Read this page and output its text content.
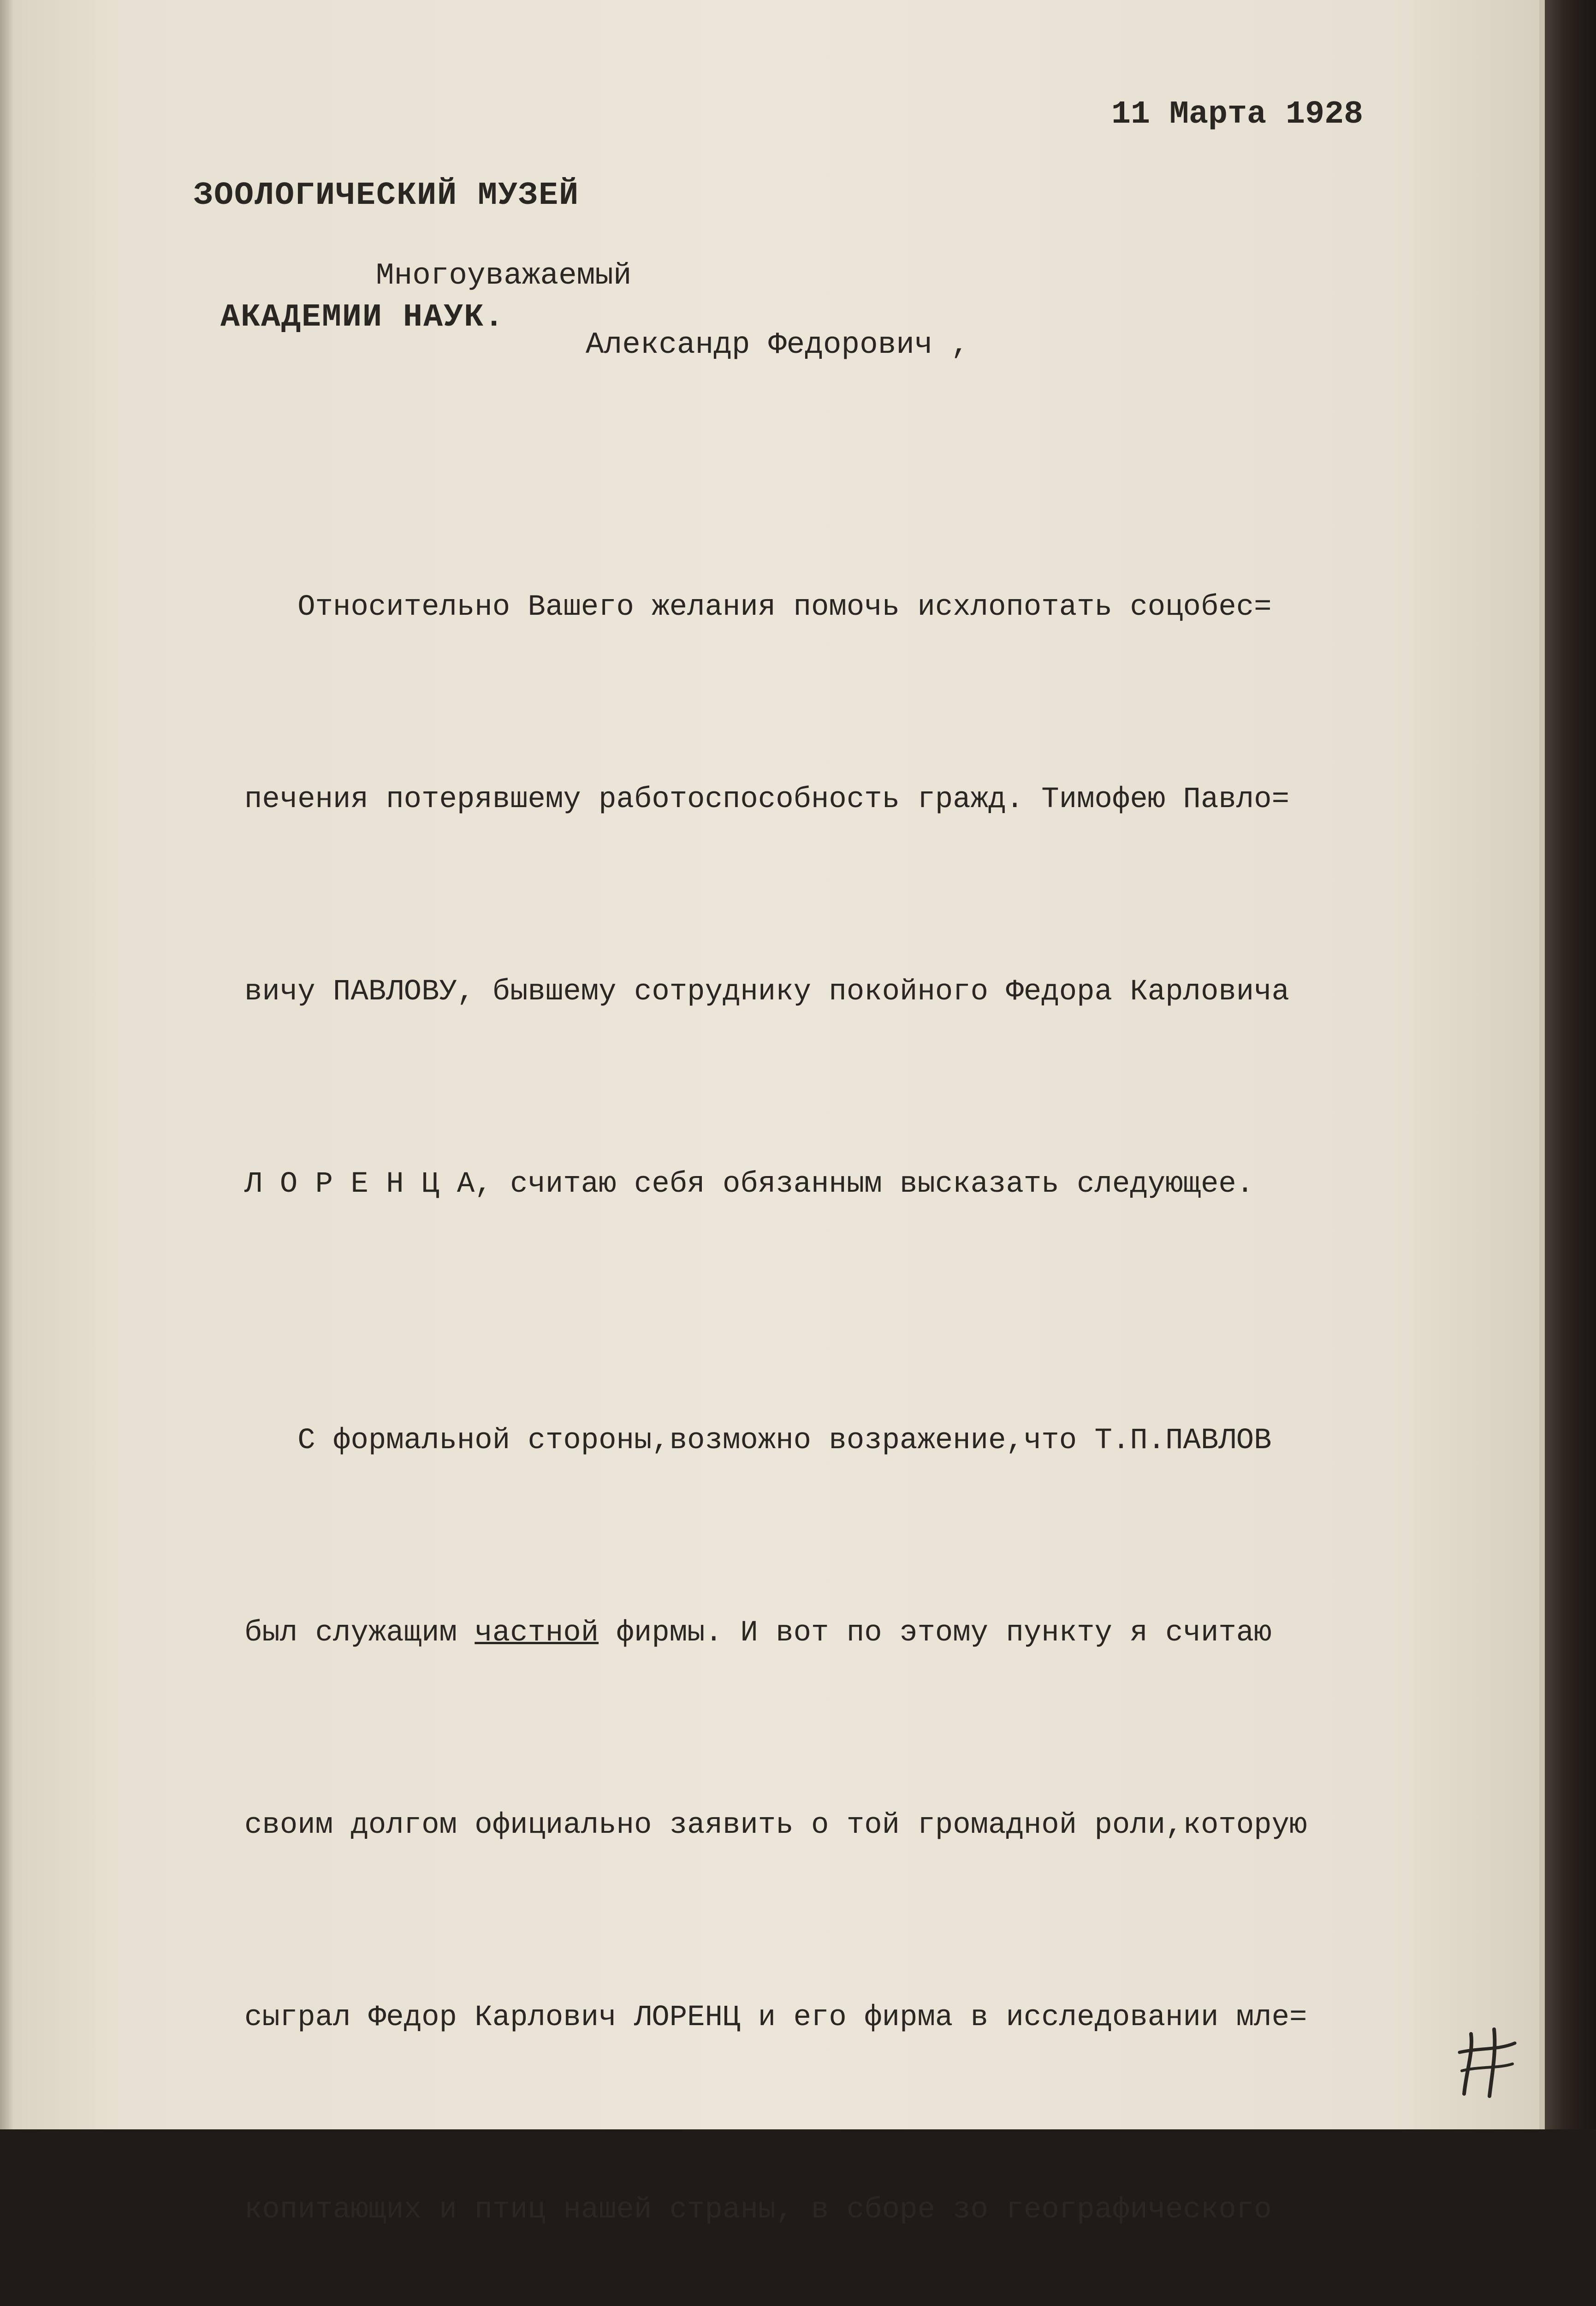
ЗООЛОГИЧЕСКИЙ МУЗЕЙ

АКАДЕМИИ НАУК.

11 Марта 1928
Многоуважаемый
Александр Федорович ,

Относительно Вашего желания помочь исхлопотать соцобес=

печения потерявшему работоспособность гражд. Тимофею Павло=

вичу ПАВЛОВУ, бывшему сотруднику покойного Федора Карловича

Л О Р Е Н Ц А, считаю себя обязанным высказать следующее.

С формальной стороны,возможно возражение,что Т.П.ПАВЛОВ

был служащим частной фирмы. И вот по этому пункту я считаю

своим долгом официально заявить о той громадной роли,которую

сыграл Федор Карлович ЛОРЕНЦ и его фирма в исследовании мле=

копитающих и птиц нашей страны, в сборе зо географического
